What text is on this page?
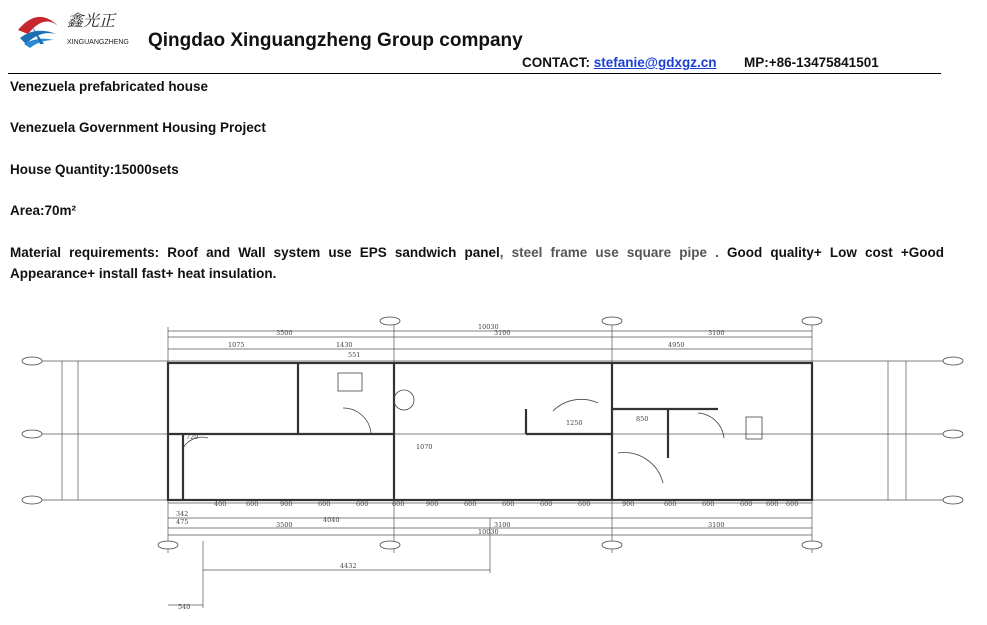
鑫光正
XINGUANGZHENG Qingdao Xinguangzheng Group company
CONTACT: stefanie@gdxgz.cn MP:+86-13475841501
Venezuela prefabricated house
Venezuela Government Housing Project
House Quantity:15000sets
Area:70m²
Material requirements: Roof and Wall system use EPS sandwich panel, steel frame use square pipe . Good quality+ Low cost +Good Appearance+ install fast+ heat insulation.
3500
10030
3100	3100
1075	1430	4950
551
720
1250	850
1070
400	600	900	600	600	600	900	600	600	600	600	900	600	600	600 600 600
3500
4040
3100	3100
10030
342
475
4432
540
